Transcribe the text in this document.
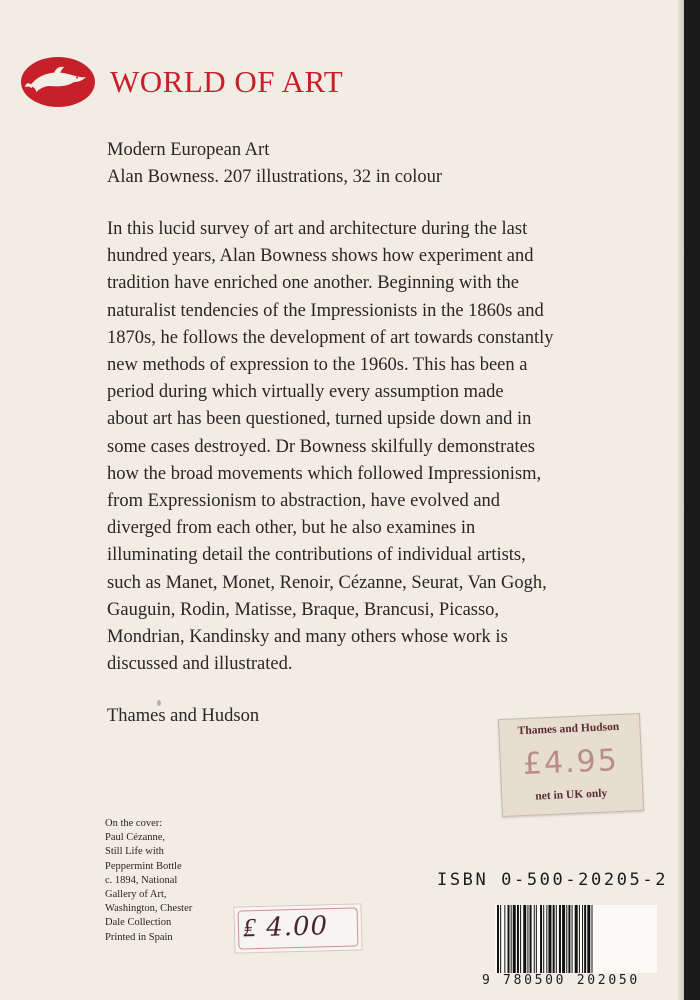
WORLD OF ART
Modern European Art
Alan Bowness. 207 illustrations, 32 in colour
In this lucid survey of art and architecture during the last
hundred years, Alan Bowness shows how experiment and
tradition have enriched one another. Beginning with the
naturalist tendencies of the Impressionists in the 1860s and
1870s, he follows the development of art towards constantly
new methods of expression to the 1960s. This has been a
period during which virtually every assumption made
about art has been questioned, turned upside down and in
some cases destroyed. Dr Bowness skilfully demonstrates
how the broad movements which followed Impressionism,
from Expressionism to abstraction, have evolved and
diverged from each other, but he also examines in
illuminating detail the contributions of individual artists,
such as Manet, Monet, Renoir, Cézanne, Seurat, Van Gogh,
Gauguin, Rodin, Matisse, Braque, Brancusi, Picasso,
Mondrian, Kandinsky and many others whose work is
discussed and illustrated.
Thames and Hudson
On the cover:
Paul Cézanne,
Still Life with
Peppermint Bottle
c. 1894, National
Gallery of Art,
Washington, Chester
Dale Collection
Printed in Spain
Thames and Hudson
£4.95
net in UK only
₤ 4.00
ISBN 0-500-20205-2
9 780500 202050
